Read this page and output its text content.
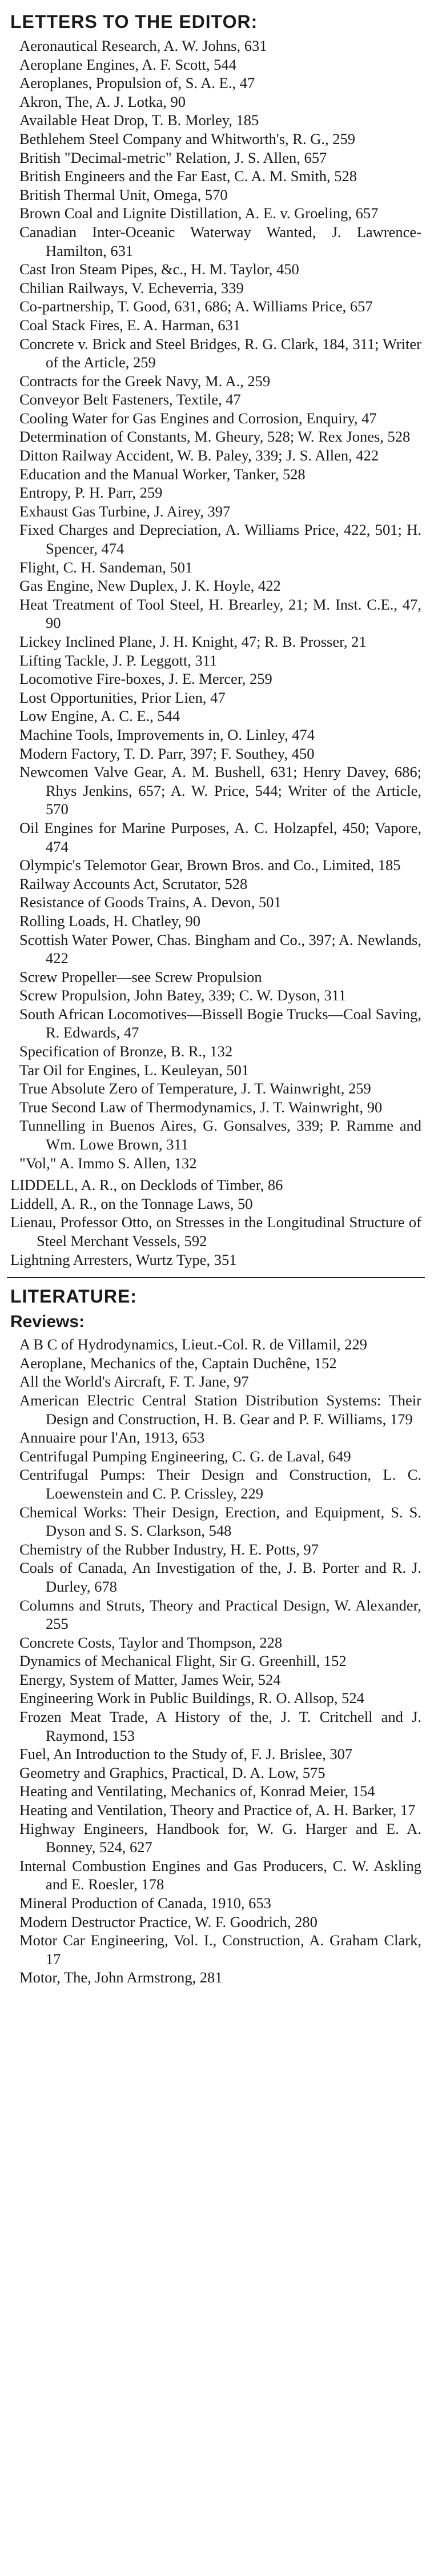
LETTERS TO THE EDITOR:

Aeronautical Research, A. W. Johns, 631

Aeroplane Engines, A. F. Scott, 544

Aeroplanes, Propulsion of, S. A. E., 47

Akron, The, A. J. Lotka, 90

Available Heat Drop, T. B. Morley, 185

Bethlehem Steel Company and Whitworth's, R. G., 259

British "Decimal-metric" Relation, J. S. Allen, 657

British Engineers and the Far East, C. A. M. Smith, 528

British Thermal Unit, Omega, 570

Brown Coal and Lignite Distillation, A. E. v. Groeling, 657

Canadian Inter-Oceanic Waterway Wanted, J. Lawrence-Hamilton, 631

Cast Iron Steam Pipes, &c., H. M. Taylor, 450

Chilian Railways, V. Echeverria, 339

Co-partnership, T. Good, 631, 686; A. Williams Price, 657

Coal Stack Fires, E. A. Harman, 631

Concrete v. Brick and Steel Bridges, R. G. Clark, 184, 311; Writer of the Article, 259

Contracts for the Greek Navy, M. A., 259

Conveyor Belt Fasteners, Textile, 47

Cooling Water for Gas Engines and Corrosion, Enquiry, 47

Determination of Constants, M. Gheury, 528; W. Rex Jones, 528

Ditton Railway Accident, W. B. Paley, 339; J. S. Allen, 422

Education and the Manual Worker, Tanker, 528

Entropy, P. H. Parr, 259

Exhaust Gas Turbine, J. Airey, 397

Fixed Charges and Depreciation, A. Williams Price, 422, 501; H. Spencer, 474

Flight, C. H. Sandeman, 501

Gas Engine, New Duplex, J. K. Hoyle, 422

Heat Treatment of Tool Steel, H. Brearley, 21; M. Inst. C.E., 47, 90

Lickey Inclined Plane, J. H. Knight, 47; R. B. Prosser, 21

Lifting Tackle, J. P. Leggott, 311

Locomotive Fire-boxes, J. E. Mercer, 259

Lost Opportunities, Prior Lien, 47

Low Engine, A. C. E., 544

Machine Tools, Improvements in, O. Linley, 474

Modern Factory, T. D. Parr, 397; F. Southey, 450

Newcomen Valve Gear, A. M. Bushell, 631; Henry Davey, 686; Rhys Jenkins, 657; A. W. Price, 544; Writer of the Article, 570

Oil Engines for Marine Purposes, A. C. Holzapfel, 450; Vapore, 474

Olympic's Telemotor Gear, Brown Bros. and Co., Limited, 185

Railway Accounts Act, Scrutator, 528

Resistance of Goods Trains, A. Devon, 501

Rolling Loads, H. Chatley, 90

Scottish Water Power, Chas. Bingham and Co., 397; A. Newlands, 422

Screw Propeller—see Screw Propulsion

Screw Propulsion, John Batey, 339; C. W. Dyson, 311

South African Locomotives—Bissell Bogie Trucks—Coal Saving, R. Edwards, 47

Specification of Bronze, B. R., 132

Tar Oil for Engines, L. Keuleyan, 501

True Absolute Zero of Temperature, J. T. Wainwright, 259

True Second Law of Thermodynamics, J. T. Wainwright, 90

Tunnelling in Buenos Aires, G. Gonsalves, 339; P. Ramme and Wm. Lowe Brown, 311

"Vol," A. Immo S. Allen, 132

LIDDELL, A. R., on Decklods of Timber, 86

Liddell, A. R., on the Tonnage Laws, 50

Lienau, Professor Otto, on Stresses in the Longitudinal Structure of Steel Merchant Vessels, 592

Lightning Arresters, Wurtz Type, 351

LITERATURE:
Reviews:

A B C of Hydrodynamics, Lieut.-Col. R. de Villamil, 229

Aeroplane, Mechanics of the, Captain Duchêne, 152

All the World's Aircraft, F. T. Jane, 97

American Electric Central Station Distribution Systems: Their Design and Construction, H. B. Gear and P. F. Williams, 179

Annuaire pour l'An, 1913, 653

Centrifugal Pumping Engineering, C. G. de Laval, 649

Centrifugal Pumps: Their Design and Construction, L. C. Loewenstein and C. P. Crissley, 229

Chemical Works: Their Design, Erection, and Equipment, S. S. Dyson and S. S. Clarkson, 548

Chemistry of the Rubber Industry, H. E. Potts, 97

Coals of Canada, An Investigation of the, J. B. Porter and R. J. Durley, 678

Columns and Struts, Theory and Practical Design, W. Alexander, 255

Concrete Costs, Taylor and Thompson, 228

Dynamics of Mechanical Flight, Sir G. Greenhill, 152

Energy, System of Matter, James Weir, 524

Engineering Work in Public Buildings, R. O. Allsop, 524

Frozen Meat Trade, A History of the, J. T. Critchell and J. Raymond, 153

Fuel, An Introduction to the Study of, F. J. Brislee, 307

Geometry and Graphics, Practical, D. A. Low, 575

Heating and Ventilating, Mechanics of, Konrad Meier, 154

Heating and Ventilation, Theory and Practice of, A. H. Barker, 17

Highway Engineers, Handbook for, W. G. Harger and E. A. Bonney, 524, 627

Internal Combustion Engines and Gas Producers, C. W. Askling and E. Roesler, 178

Mineral Production of Canada, 1910, 653

Modern Destructor Practice, W. F. Goodrich, 280

Motor Car Engineering, Vol. I., Construction, A. Graham Clark, 17

Motor, The, John Armstrong, 281
